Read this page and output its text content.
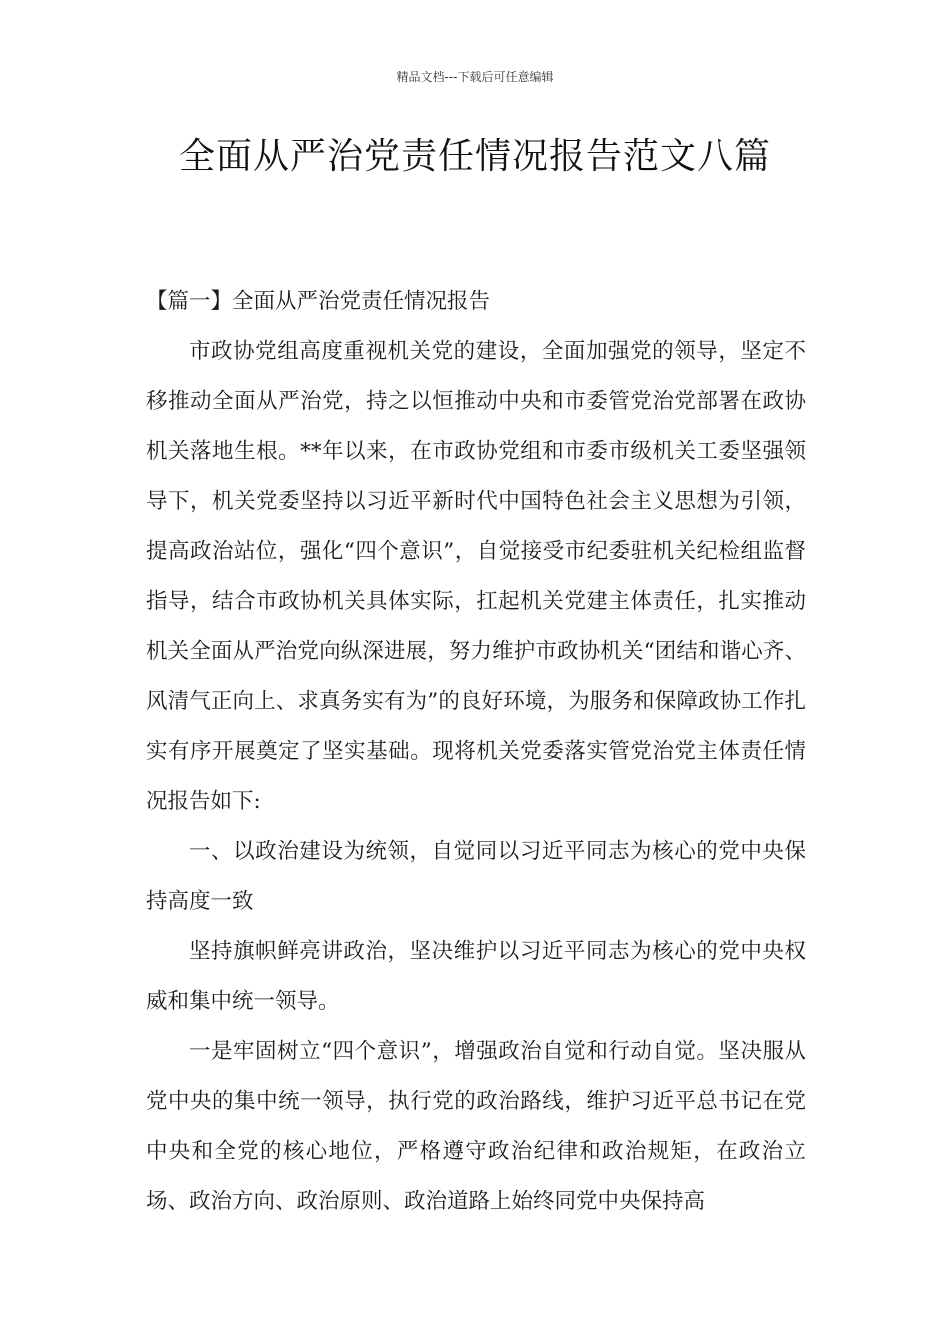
精品文档---下载后可任意编辑
全面从严治党责任情况报告范文八篇

【篇一】全面从严治党责任情况报告

市政协党组高度重视机关党的建设，全面加强党的领导，坚定不移推动全面从严治党，持之以恒推动中央和市委管党治党部署在政协机关落地生根。**年以来，在市政协党组和市委市级机关工委坚强领导下，机关党委坚持以习近平新时代中国特色社会主义思想为引领，提高政治站位，强化“四个意识”，自觉接受市纪委驻机关纪检组监督指导，结合市政协机关具体实际，扛起机关党建主体责任，扎实推动机关全面从严治党向纵深进展，努力维护市政协机关“团结和谐心齐、风清气正向上、求真务实有为”的良好环境，为服务和保障政协工作扎实有序开展奠定了坚实基础。现将机关党委落实管党治党主体责任情况报告如下:

一、以政治建设为统领，自觉同以习近平同志为核心的党中央保持高度一致

坚持旗帜鲜亮讲政治，坚决维护以习近平同志为核心的党中央权威和集中统一领导。

一是牢固树立“四个意识”，增强政治自觉和行动自觉。坚决服从党中央的集中统一领导，执行党的政治路线，维护习近平总书记在党中央和全党的核心地位，严格遵守政治纪律和政治规矩，在政治立场、政治方向、政治原则、政治道路上始终同党中央保持高
